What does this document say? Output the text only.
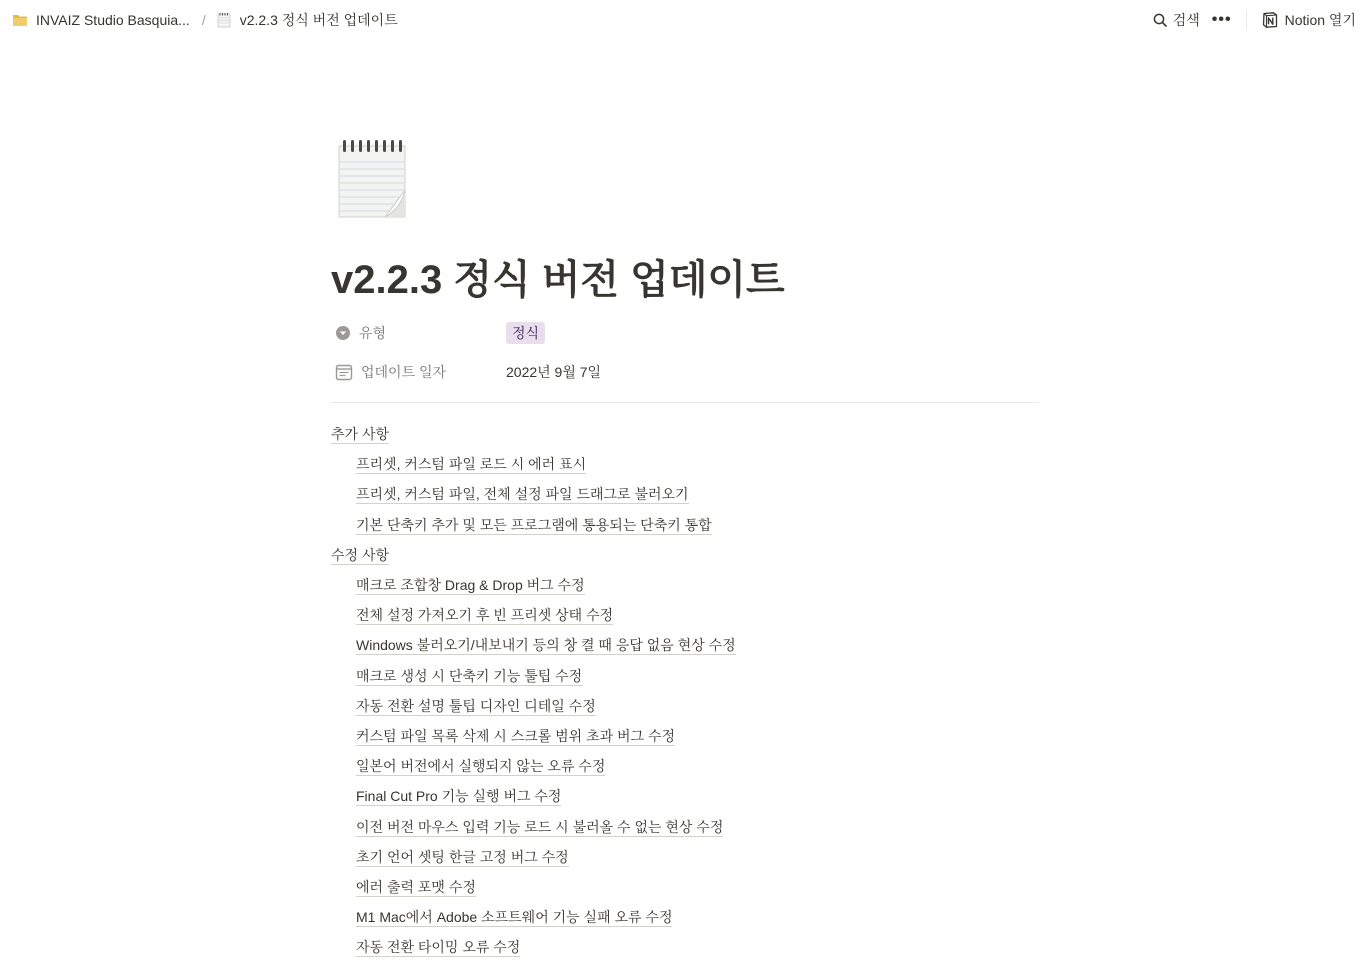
INVAIZ Studio Basquia... / v2.2.3 정식 버전 업데이트	검색 •••	Notion 열기
v2.2.3 정식 버전 업데이트
유형	정식
업데이트 일자	2022년 9월 7일
추가 사항
프리셋, 커스텀 파일 로드 시 에러 표시
프리셋, 커스텀 파일, 전체 설정 파일 드래그로 불러오기
기본 단축키 추가 및 모든 프로그램에 통용되는 단축키 통합
수정 사항
매크로 조합창 Drag & Drop 버그 수정
전체 설정 가져오기 후 빈 프리셋 상태 수정
Windows 불러오기/내보내기 등의 창 켤 때 응답 없음 현상 수정
매크로 생성 시 단축키 기능 툴팁 수정
자동 전환 설명 툴팁 디자인 디테일 수정
커스텀 파일 목록 삭제 시 스크롤 범위 초과 버그 수정
일본어 버전에서 실행되지 않는 오류 수정
Final Cut Pro 기능 실행 버그 수정
이전 버전 마우스 입력 기능 로드 시 불러올 수 없는 현상 수정
초기 언어 셋팅 한글 고정 버그 수정
에러 출력 포맷 수정
M1 Mac에서 Adobe 소프트웨어 기능 실패 오류 수정
자동 전환 타이밍 오류 수정
